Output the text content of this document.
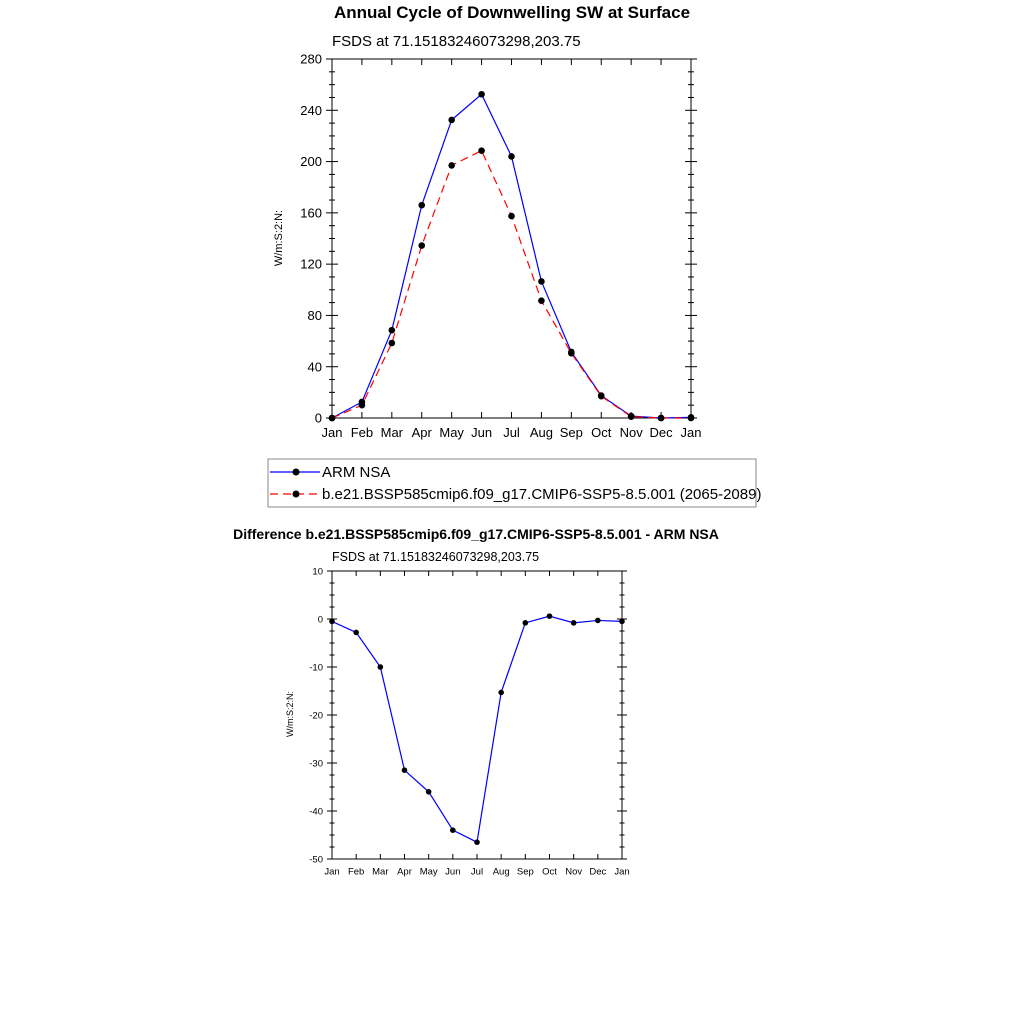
Annual Cycle of Downwelling SW at Surface
FSDS at 71.15183246073298,203.75
W/m:S:2:N:
Jan Feb Mar Apr May Jun Jul Aug Sep Oct Nov Dec Jan
0
40
80
120
160
200
240
280
ARM NSA
b.e21.BSSP585cmip6.f09_g17.CMIP6-SSP5-8.5.001 (2065-2089)
Difference b.e21.BSSP585cmip6.f09_g17.CMIP6-SSP5-8.5.001 - ARM NSA
FSDS at 71.15183246073298,203.75
W/m:S:2:N:
Jan Feb Mar Apr May Jun Jul Aug Sep Oct Nov Dec Jan
-50
-40
-30
-20
-10
0
10
